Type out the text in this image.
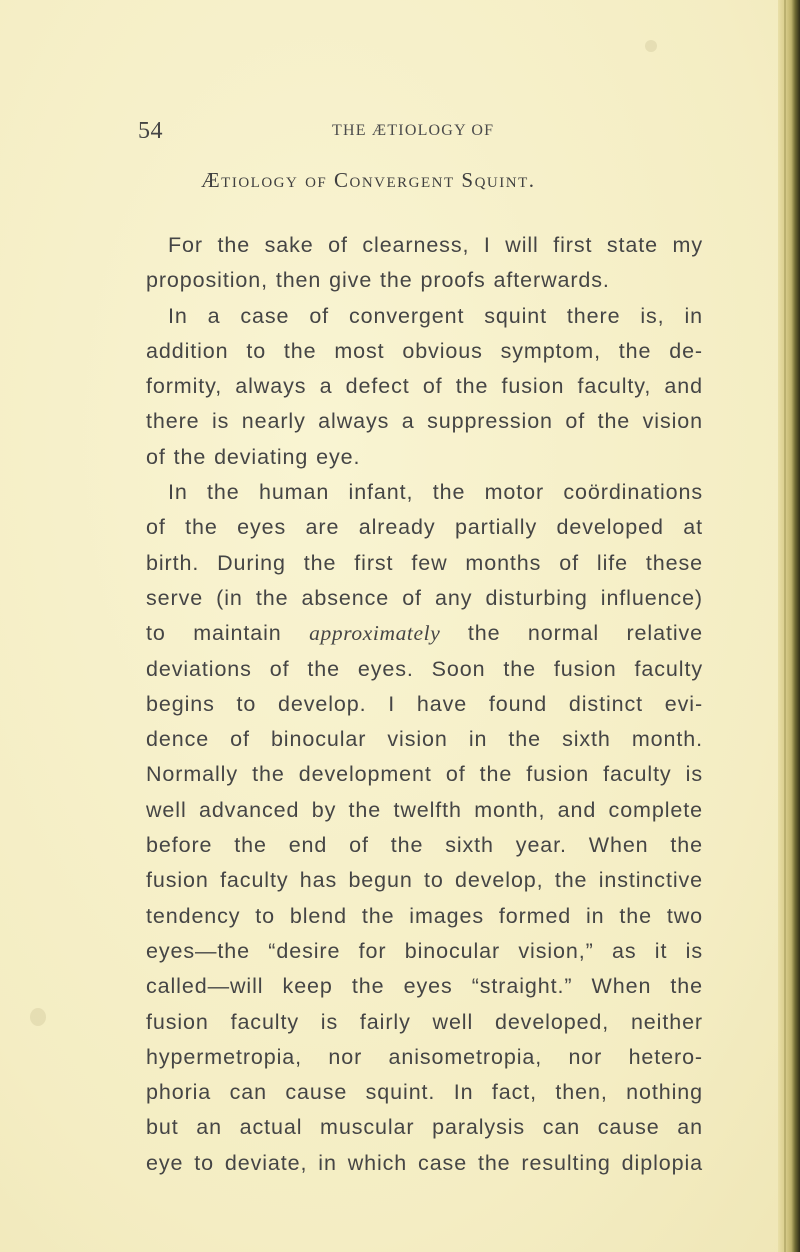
54	THE ÆTIOLOGY OF
Ætiology of Convergent Squint.
For the sake of clearness, I will first state my
proposition, then give the proofs afterwards.
In a case of convergent squint there is, in
addition to the most obvious symptom, the de-
formity, always a defect of the fusion faculty, and
there is nearly always a suppression of the vision
of the deviating eye.
In the human infant, the motor coördinations
of the eyes are already partially developed at
birth. During the first few months of life these
serve (in the absence of any disturbing influence)
to maintain approximately the normal relative
deviations of the eyes. Soon the fusion faculty
begins to develop. I have found distinct evi-
dence of binocular vision in the sixth month.
Normally the development of the fusion faculty is
well advanced by the twelfth month, and complete
before the end of the sixth year. When the
fusion faculty has begun to develop, the instinctive
tendency to blend the images formed in the two
eyes—the “desire for binocular vision,” as it is
called—will keep the eyes “straight.” When the
fusion faculty is fairly well developed, neither
hypermetropia, nor anisometropia, nor hetero-
phoria can cause squint. In fact, then, nothing
but an actual muscular paralysis can cause an
eye to deviate, in which case the resulting diplopia
